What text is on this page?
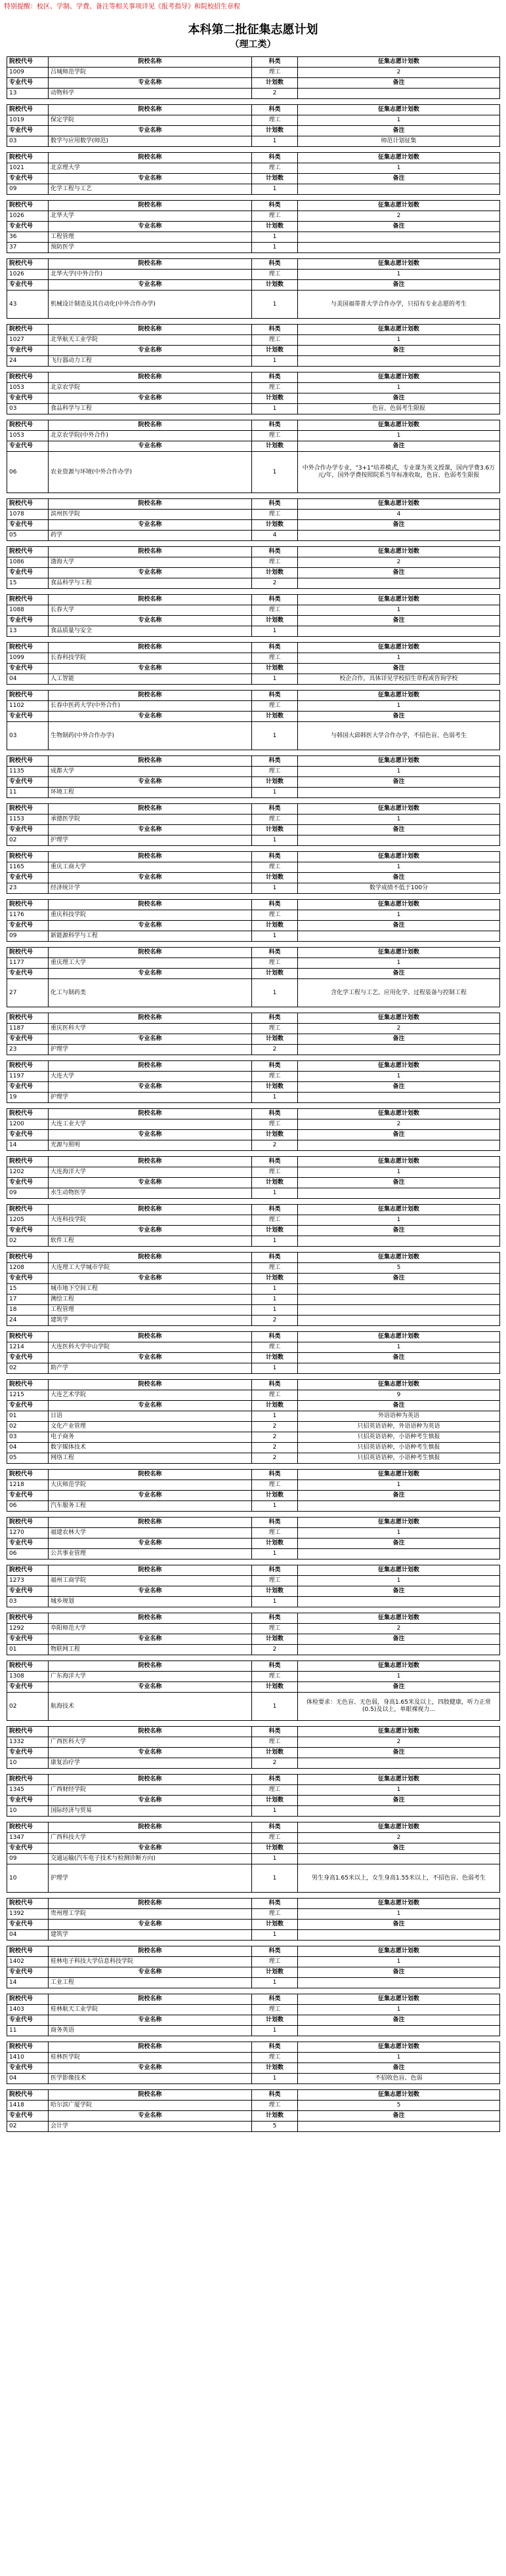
特别提醒：校区、学制、学费、备注等相关事项详见《报考指导》和院校招生章程
本科第二批征集志愿计划
（理工类）
院校代号	院校名称	科类	征集志愿计划数
1009	吕城师范学院	理工	2
专业代号	专业名称	计划数	备注
13	动物科学	2	

院校代号	院校名称	科类	征集志愿计划数
1019	保定学院	理工	1
专业代号	专业名称	计划数	备注
03	数学与应用数学(师范)	1	师范计划征集

院校代号	院校名称	科类	征集志愿计划数
1021	北京理大学	理工	1
专业代号	专业名称	计划数	备注
09	化学工程与工艺	1	

院校代号	院校名称	科类	征集志愿计划数
1026	北华大学	理工	2
专业代号	专业名称	计划数	备注
36	工程管理	1	
37	预防医学	1	

院校代号	院校名称	科类	征集志愿计划数
1026	北华大学(中外合作)	理工	1
专业代号	专业名称	计划数	备注
43	机械设计制造及其自动化(中外合作办学)	1	与美国福蒂普大学合作办学，只招有专业志愿的考生

院校代号	院校名称	科类	征集志愿计划数
1027	北华航天工业学院	理工	1
专业代号	专业名称	计划数	备注
24	飞行器动力工程	1	

院校代号	院校名称	科类	征集志愿计划数
1053	北京农学院	理工	1
专业代号	专业名称	计划数	备注
03	食品科学与工程	1	色盲、色弱考生限报

院校代号	院校名称	科类	征集志愿计划数
1053	北京农学院(中外合作)	理工	1
专业代号	专业名称	计划数	备注
06	农业资源与环境(中外合作办学)	1	中外合作办学专业，"3+1"培养模式，专业课为英文授课，国内学费3.6万元/年，国外学费按照院系当年标准收取，色盲、色弱考生限报

院校代号	院校名称	科类	征集志愿计划数
1078	滨州医学院	理工	4
专业代号	专业名称	计划数	备注
05	药学	4	

院校代号	院校名称	科类	征集志愿计划数
1086	渤海大学	理工	2
专业代号	专业名称	计划数	备注
15	食品科学与工程	2	

院校代号	院校名称	科类	征集志愿计划数
1088	长春大学	理工	1
专业代号	专业名称	计划数	备注
13	食品质量与安全	1	

院校代号	院校名称	科类	征集志愿计划数
1099	长春科技学院	理工	1
专业代号	专业名称	计划数	备注
04	人工智能	1	校企合作，具体详见学校招生章程或咨询学校

院校代号	院校名称	科类	征集志愿计划数
1102	长春中医药大学(中外合作)	理工	1
专业代号	专业名称	计划数	备注
03	生物制药(中外合作办学)	1	与韩国大邱韩医大学合作办学，不招色盲、色弱考生

院校代号	院校名称	科类	征集志愿计划数
1135	成都大学	理工	1
专业代号	专业名称	计划数	备注
11	环境工程	1	

院校代号	院校名称	科类	征集志愿计划数
1153	承德医学院	理工	1
专业代号	专业名称	计划数	备注
02	护理学	1	

院校代号	院校名称	科类	征集志愿计划数
1165	重庆工商大学	理工	1
专业代号	专业名称	计划数	备注
23	经济统计学	1	数学成绩不低于100分

院校代号	院校名称	科类	征集志愿计划数
1176	重庆科技学院	理工	1
专业代号	专业名称	计划数	备注
09	新能源科学与工程	1	

院校代号	院校名称	科类	征集志愿计划数
1177	重庆理工大学	理工	1
专业代号	专业名称	计划数	备注
27	化工与制药类	1	含化学工程与工艺、应用化学、过程装备与控制工程

院校代号	院校名称	科类	征集志愿计划数
1187	重庆医科大学	理工	2
专业代号	专业名称	计划数	备注
23	护理学	2	

院校代号	院校名称	科类	征集志愿计划数
1197	大连大学	理工	1
专业代号	专业名称	计划数	备注
19	护理学	1	

院校代号	院校名称	科类	征集志愿计划数
1200	大连工业大学	理工	2
专业代号	专业名称	计划数	备注
14	光源与照明	2	

院校代号	院校名称	科类	征集志愿计划数
1202	大连海洋大学	理工	1
专业代号	专业名称	计划数	备注
09	水生动物医学	1	

院校代号	院校名称	科类	征集志愿计划数
1205	大连科技学院	理工	1
专业代号	专业名称	计划数	备注
02	软件工程	1	

院校代号	院校名称	科类	征集志愿计划数
1208	大连理工大学城市学院	理工	5
专业代号	专业名称	计划数	备注
15	城市地下空间工程	1	
17	测绘工程	1	
18	工程管理	1	
24	建筑学	2	

院校代号	院校名称	科类	征集志愿计划数
1214	大连医科大学中山学院	理工	1
专业代号	专业名称	计划数	备注
02	助产学	1	

院校代号	院校名称	科类	征集志愿计划数
1215	大连艺术学院	理工	9
专业代号	专业名称	计划数	备注
01	日语	1	外语语种为英语
02	文化产业管理	2	只招英语语种，外语语种为英语
03	电子商务	2	只招英语语种，小语种考生慎报
04	数字媒体技术	2	只招英语语种，小语种考生慎报
05	网络工程	2	只招英语语种，小语种考生慎报

院校代号	院校名称	科类	征集志愿计划数
1218	大庆师范学院	理工	1
专业代号	专业名称	计划数	备注
06	汽车服务工程	1	

院校代号	院校名称	科类	征集志愿计划数
1270	福建农林大学	理工	1
专业代号	专业名称	计划数	备注
06	公共事业管理	1	

院校代号	院校名称	科类	征集志愿计划数
1273	福州工商学院	理工	1
专业代号	专业名称	计划数	备注
03	城乡规划	1	

院校代号	院校名称	科类	征集志愿计划数
1292	阜阳师范大学	理工	2
专业代号	专业名称	计划数	备注
01	物联网工程	2	

院校代号	院校名称	科类	征集志愿计划数
1308	广东海洋大学	理工	1
专业代号	专业名称	计划数	备注
02	航海技术	1	体检要求：无色盲、无色弱，身高1.65米及以上，四肢健康，听力正常(0.5)及以上，单眼裸视力...

院校代号	院校名称	科类	征集志愿计划数
1332	广西医科大学	理工	2
专业代号	专业名称	计划数	备注
10	康复治疗学	2	

院校代号	院校名称	科类	征集志愿计划数
1345	广西财经学院	理工	1
专业代号	专业名称	计划数	备注
10	国际经济与贸易	1	

院校代号	院校名称	科类	征集志愿计划数
1347	广西科技大学	理工	2
专业代号	专业名称	计划数	备注
09	交通运输(汽车电子技术与检测诊断方向)	1	
10	护理学	1	男生身高1.65米以上，女生身高1.55米以上，不招色盲、色弱考生

院校代号	院校名称	科类	征集志愿计划数
1392	贵州理工学院	理工	1
专业代号	专业名称	计划数	备注
04	建筑学	1	

院校代号	院校名称	科类	征集志愿计划数
1402	桂林电子科技大学信息科技学院	理工	1
专业代号	专业名称	计划数	备注
14	工业工程	1	

院校代号	院校名称	科类	征集志愿计划数
1403	桂林航天工业学院	理工	1
专业代号	专业名称	计划数	备注
11	商务英语	1	

院校代号	院校名称	科类	征集志愿计划数
1410	桂林医学院	理工	1
专业代号	专业名称	计划数	备注
04	医学影像技术	1	不招收色盲、色弱

院校代号	院校名称	科类	征集志愿计划数
1418	哈尔滨广厦学院	理工	5
专业代号	专业名称	计划数	备注
02	会计学	5	
